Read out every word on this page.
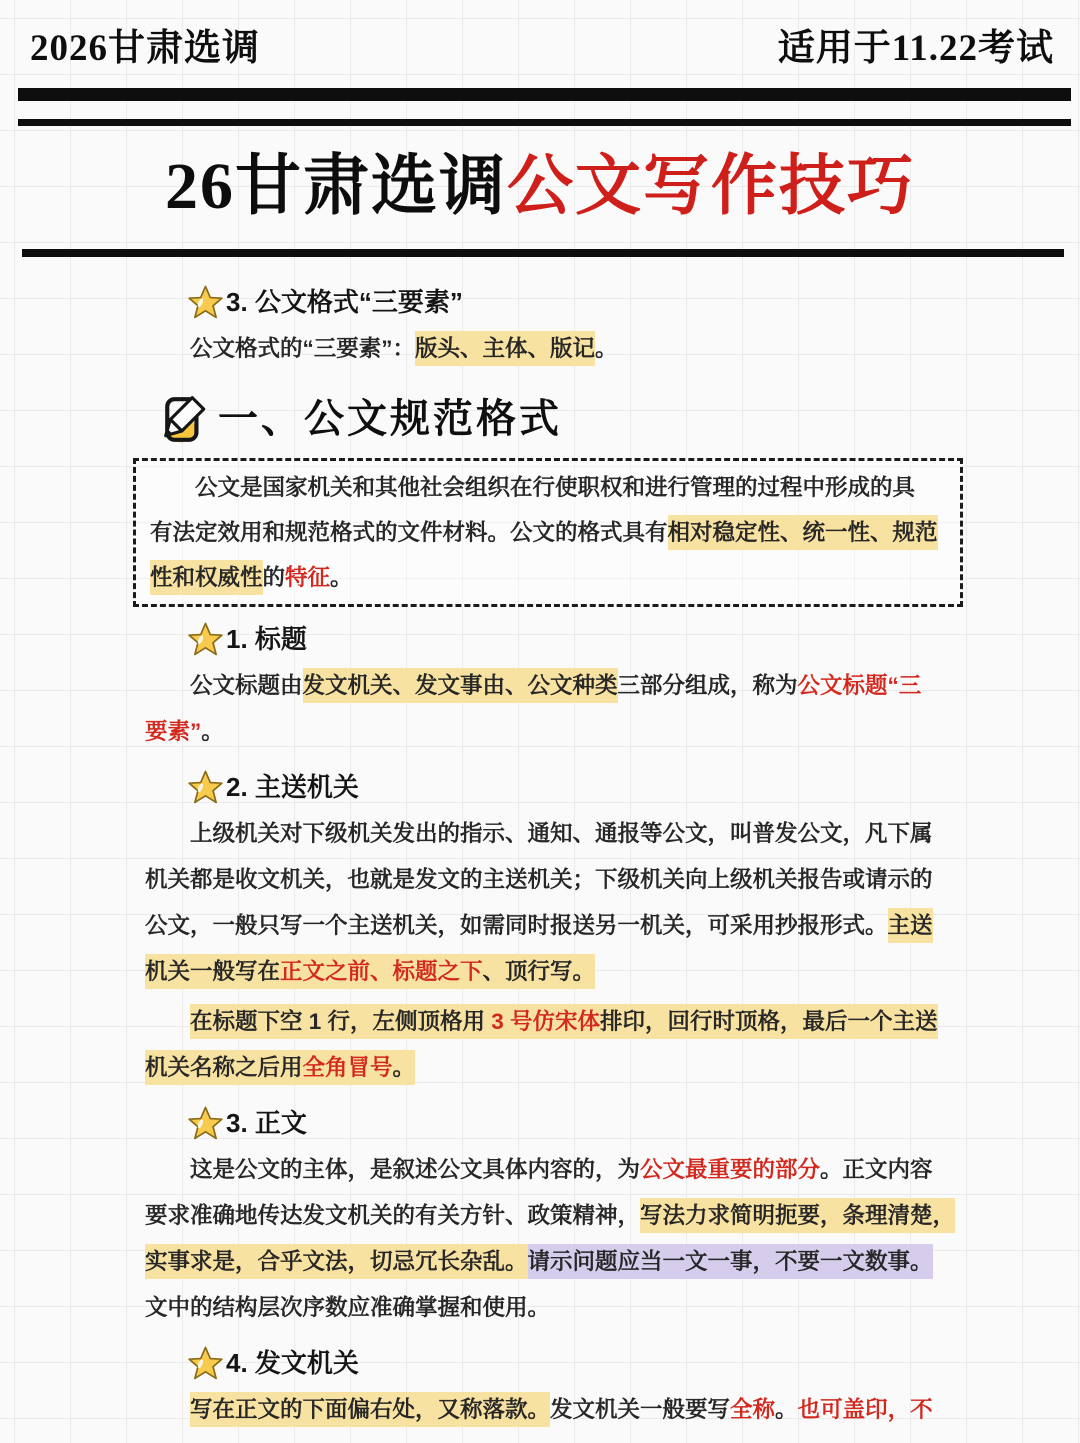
2026甘肃选调	适用于11.22考试
26甘肃选调公文写作技巧
3. 公文格式“三要素”
公文格式的“三要素”：版头、主体、版记。
一、公文规范格式
公文是国家机关和其他社会组织在行使职权和进行管理的过程中形成的具
有法定效用和规范格式的文件材料。公文的格式具有相对稳定性、统一性、规范
性和权威性的特征。
1. 标题
公文标题由发文机关、发文事由、公文种类三部分组成，称为公文标题“三
要素”。
2. 主送机关
上级机关对下级机关发出的指示、通知、通报等公文，叫普发公文，凡下属
机关都是收文机关，也就是发文的主送机关；下级机关向上级机关报告或请示的
公文，一般只写一个主送机关，如需同时报送另一机关，可采用抄报形式。主送
机关一般写在正文之前、标题之下、顶行写。
在标题下空 1 行，左侧顶格用 3 号仿宋体排印，回行时顶格，最后一个主送
机关名称之后用全角冒号。
3. 正文
这是公文的主体，是叙述公文具体内容的，为公文最重要的部分。正文内容
要求准确地传达发文机关的有关方针、政策精神，写法力求简明扼要，条理清楚，
实事求是，合乎文法，切忌冗长杂乱。请示问题应当一文一事，不要一文数事。
文中的结构层次序数应准确掌握和使用。
4. 发文机关
写在正文的下面偏右处，又称落款。发文机关一般要写全称。也可盖印，不
